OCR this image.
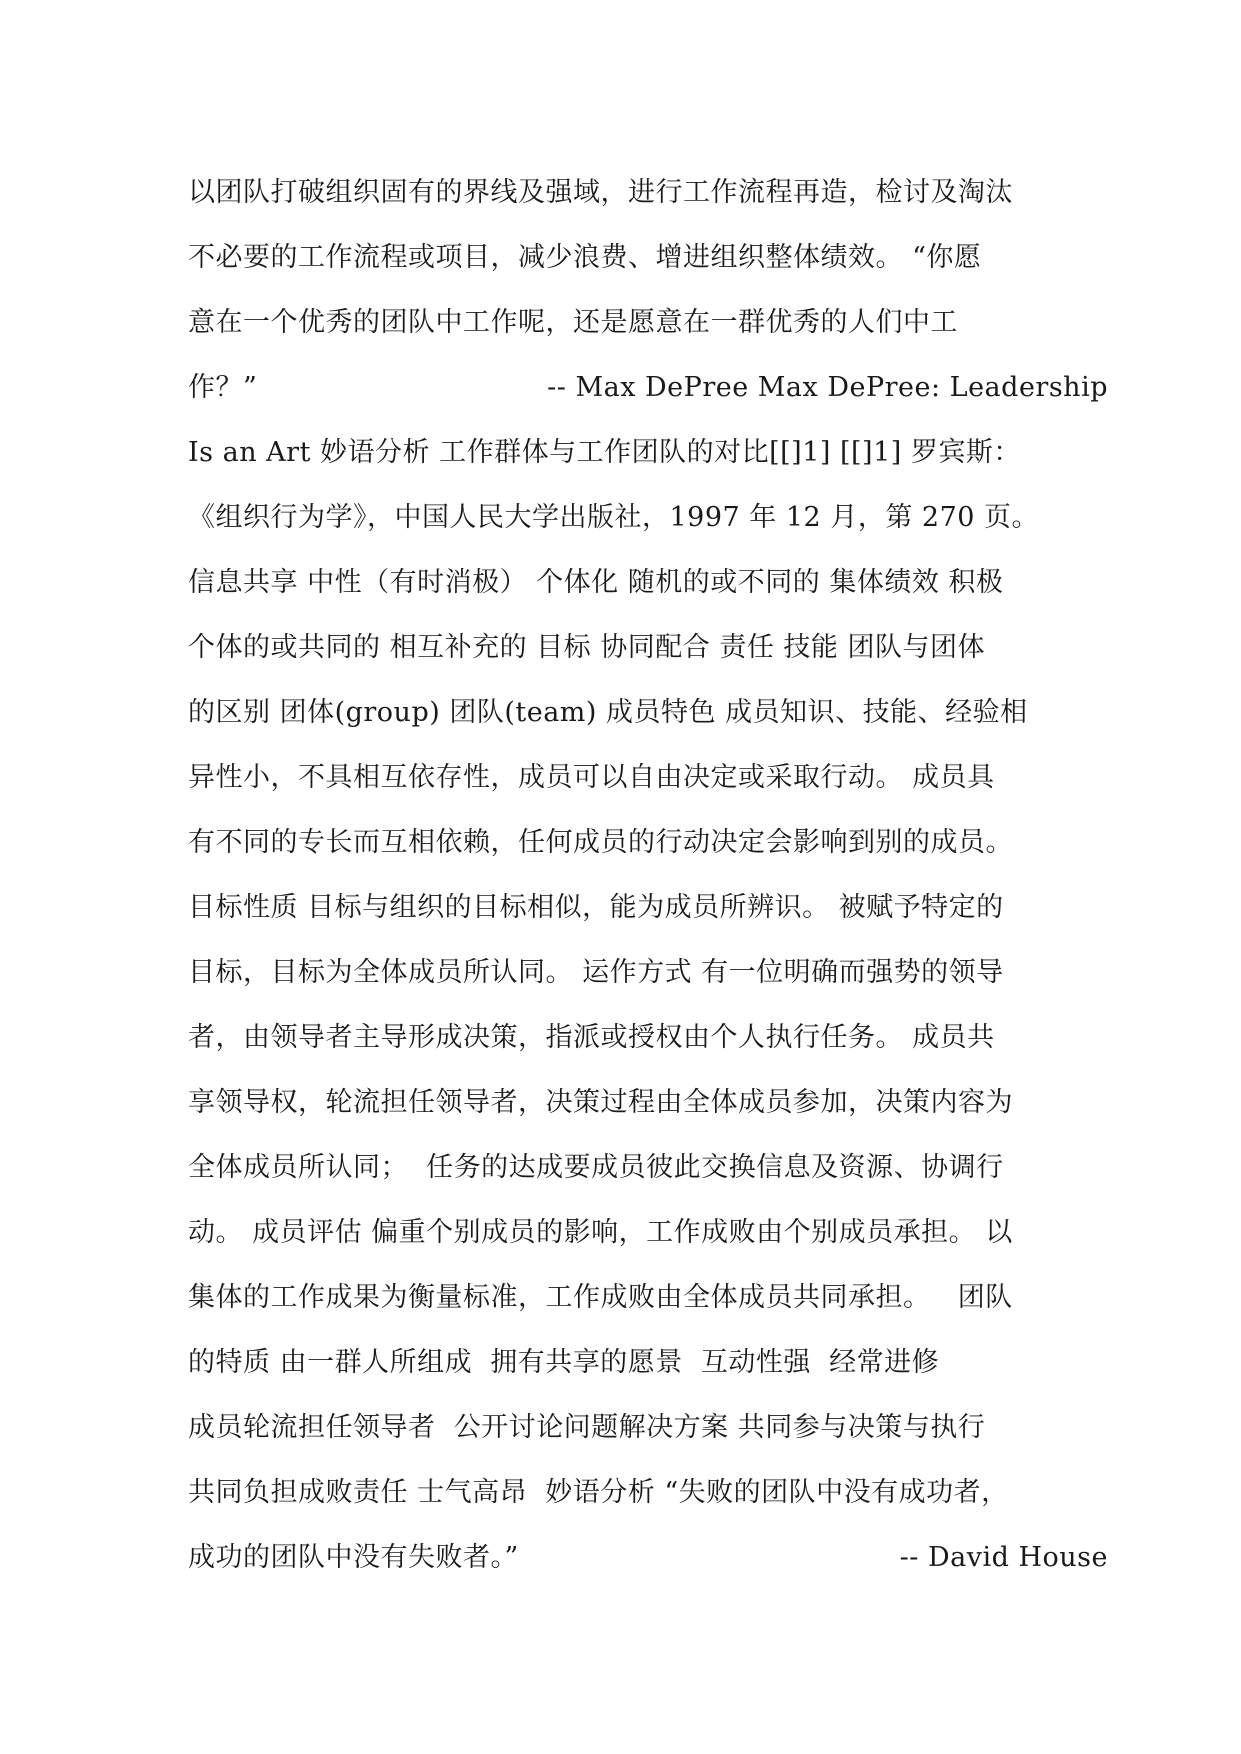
以团队打破组织固有的界线及强域，进行工作流程再造，检讨及淘汰
不必要的工作流程或项目，减少浪费、增进组织整体绩效。 “你愿
意在一个优秀的团队中工作呢，还是愿意在一群优秀的人们中工
作？”	-- Max DePree Max DePree: Leadership
Is an Art 妙语分析 工作群体与工作团队的对比[[]1] [[]1] 罗宾斯：
《组织行为学》，中国人民大学出版社，1997 年 12 月，第 270 页。
信息共享 中性（有时消极） 个体化 随机的或不同的 集体绩效 积极
个体的或共同的 相互补充的 目标 协同配合 责任 技能 团队与团体
的区别 团体(group) 团队(team) 成员特色 成员知识、技能、经验相
异性小，不具相互依存性，成员可以自由决定或采取行动。 成员具
有不同的专长而互相依赖，任何成员的行动决定会影响到别的成员。
目标性质 目标与组织的目标相似，能为成员所辨识。 被赋予特定的
目标，目标为全体成员所认同。 运作方式 有一位明确而强势的领导
者，由领导者主导形成决策，指派或授权由个人执行任务。 成员共
享领导权，轮流担任领导者，决策过程由全体成员参加，决策内容为
全体成员所认同；  任务的达成要成员彼此交换信息及资源、协调行
动。 成员评估 偏重个别成员的影响，工作成败由个别成员承担。 以
集体的工作成果为衡量标准，工作成败由全体成员共同承担。   团队
的特质 由一群人所组成  拥有共享的愿景  互动性强  经常进修
成员轮流担任领导者  公开讨论问题解决方案 共同参与决策与执行
共同负担成败责任 士气高昂  妙语分析 “失败的团队中没有成功者，
成功的团队中没有失败者。”	-- David House
